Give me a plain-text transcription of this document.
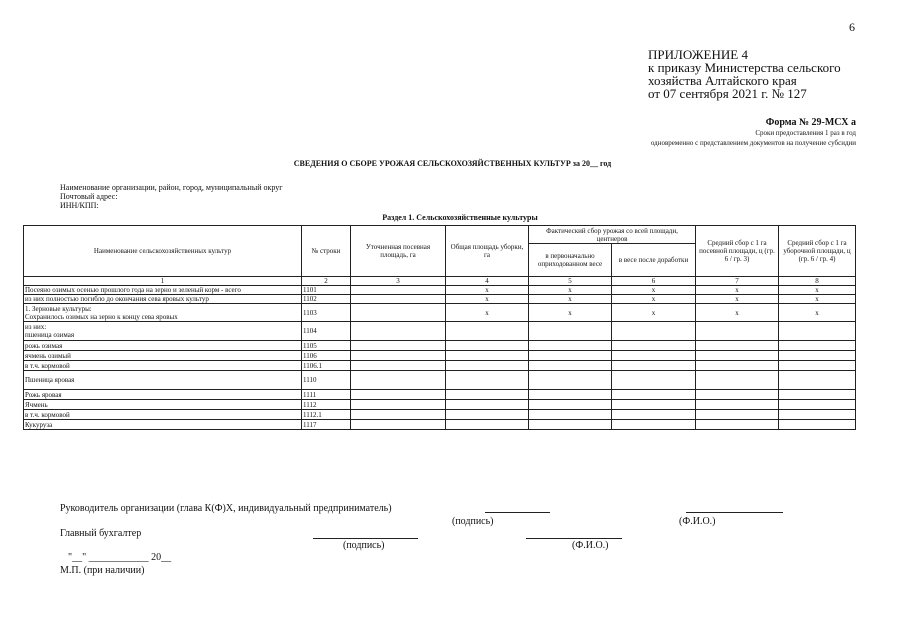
6
ПРИЛОЖЕНИЕ 4
к приказу Министерства сельского
хозяйства Алтайского края
от 07 сентября 2021 г. № 127
Форма № 29-МСХ а
Сроки предоставления 1 раз в год
одновременно с представлением документов на получение субсидии
СВЕДЕНИЯ О СБОРЕ УРОЖАЯ СЕЛЬСКОХОЗЯЙСТВЕННЫХ КУЛЬТУР за 20__ год
Наименование организации, район, город, муниципальный округ
Почтовый адрес:
ИНН/КПП:
Раздел 1. Сельскохозяйственные культуры
Наименование сельскохозяйственных культур	№ строки	Уточненная посевная площадь, га	Общая площадь уборки, га	Фактический сбор урожая со всей площади, центнеров		Средний сбор с 1 га посевной площади, ц (гр. 6 / гр. 3)	Средний сбор с 1 га уборочной площади, ц (гр. 6 / гр. 4)
				в первоначально оприходованном весе	в весе после доработки		
1	2	3	4	5	6	7	8

Посеяно озимых осенью прошлого года на зерно и зеленый корм - всего	1101		x	x	x	x	x

из них полностью погибло до окончания сева яровых культур	1102		x	x	x	x	x

1. Зерновые культуры:
Сохранилось озимых на зерно к концу сева яровых	1103		x	x	x	x	x

из них:
пшеница озимая	1104						

рожь озимая	1105						

ячмень озимый	1106						

в т.ч. кормовой	1106.1						

Пшеница яровая	1110						

Рожь яровая	1111						

Ячмень	1112						

в т.ч. кормовой	1112.1						

Кукуруза	1117						
Руководитель организации (глава К(Ф)Х, индивидуальный предприниматель)
(подпись)	(Ф.И.О.)
Главный бухгалтер
(подпись)	(Ф.И.О.)
"__" ____________ 20__
М.П. (при наличии)
